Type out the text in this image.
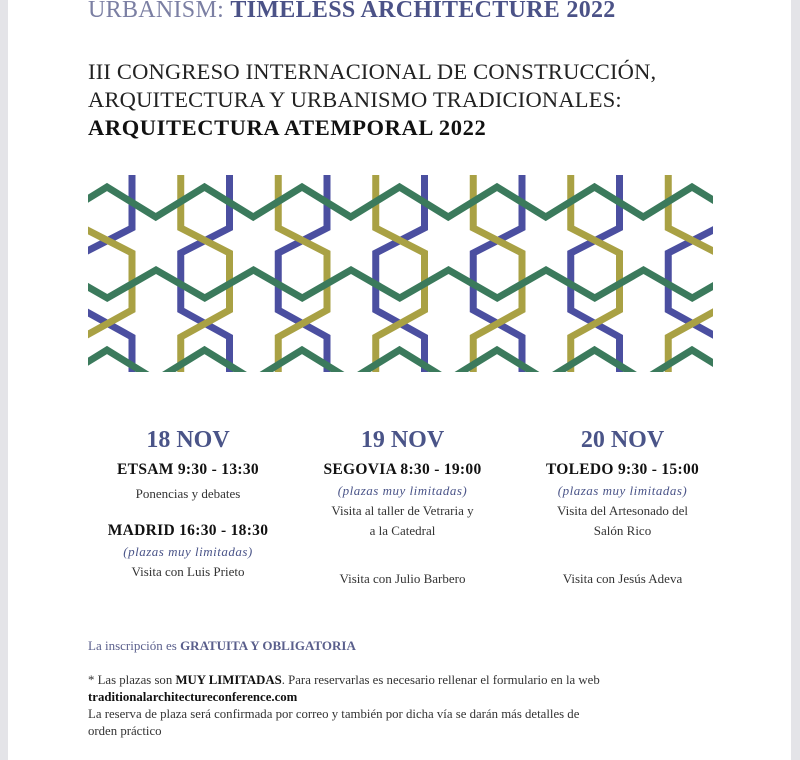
URBANISM: TIMELESS ARCHITECTURE 2022
III CONGRESO INTERNACIONAL DE CONSTRUCCIÓN,
ARQUITECTURA Y URBANISMO TRADICIONALES:
ARQUITECTURA ATEMPORAL 2022
18 NOV
ETSAM 9:30 - 13:30
Ponencias y debates
MADRID 16:30 - 18:30
(plazas muy limitadas)
Visita con Luis Prieto
19 NOV
SEGOVIA 8:30 - 19:00
(plazas muy limitadas)
Visita al taller de Vetraria y
a la Catedral
Visita con Julio Barbero
20 NOV
TOLEDO 9:30 - 15:00
(plazas muy limitadas)
Visita del Artesonado del
Salón Rico
Visita con Jesús Adeva
La inscripción es GRATUITA Y OBLIGATORIA
* Las plazas son MUY LIMITADAS. Para reservarlas es necesario rellenar el formulario en la web
traditionalarchitectureconference.com
La reserva de plaza será confirmada por correo y también por dicha vía se darán más detalles de
orden práctico
